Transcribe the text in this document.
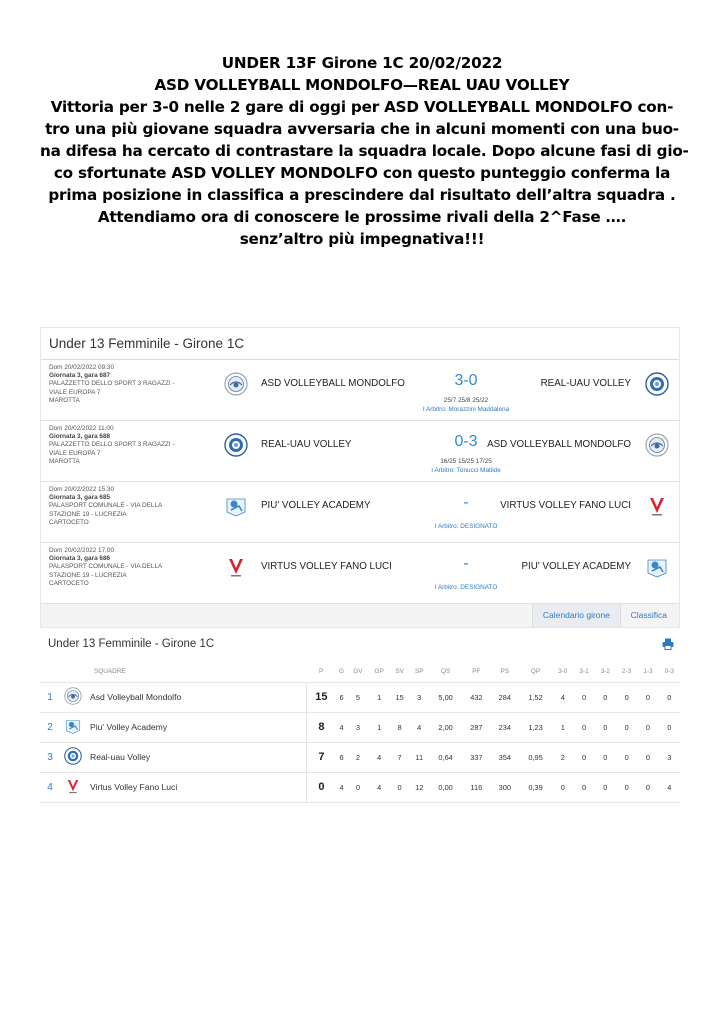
UNDER 13F Girone 1C 20/02/2022
ASD VOLLEYBALL MONDOLFO—REAL UAU VOLLEY
Vittoria per 3-0 nelle 2 gare di oggi per ASD VOLLEYBALL MONDOLFO con-
tro una più giovane squadra avversaria che in alcuni momenti con una buo-
na difesa ha cercato di contrastare la squadra locale. Dopo alcune fasi di gio-
co sfortunate ASD VOLLEY MONDOLFO con questo punteggio conferma la
prima posizione in classifica a prescindere dal risultato dell’altra squadra .
Attendiamo ora di conoscere le prossime rivali della 2^Fase ….
senz’altro più impegnativa!!!
Under 13 Femminile - Girone 1C
Dom 20/02/2022 09.30
Giornata 3, gara 687
PALAZZETTO DELLO SPORT 3 RAGAZZI -
VIALE EUROPA 7
MAROTTA
ASD VOLLEYBALL MONDOLFO	3-0
25/7 25/8 25/22
I Arbitro: Morazzini Maddalena
REAL-UAU VOLLEY
Dom 20/02/2022 11.00
Giornata 3, gara 688
PALAZZETTO DELLO SPORT 3 RAGAZZI -
VIALE EUROPA 7
MAROTTA
REAL-UAU VOLLEY	0-3
16/25 15/25 17/25
I Arbitro: Tonucci Matilde
ASD VOLLEYBALL MONDOLFO
Dom 20/02/2022 15.30
Giornata 3, gara 685
PALASPORT COMUNALE - VIA DELLA
STAZIONE 19 - LUCREZIA
CARTOCETO
PIU' VOLLEY ACADEMY	-
I Arbitro: DESIGNATO
VIRTUS VOLLEY FANO LUCI
Dom 20/02/2022 17.00
Giornata 3, gara 686
PALASPORT COMUNALE - VIA DELLA
STAZIONE 19 - LUCREZIA
CARTOCETO
VIRTUS VOLLEY FANO LUCI	-
I Arbitro: DESIGNATO
PIU' VOLLEY ACADEMY
Calendario girone	Classifica
Under 13 Femminile - Girone 1C
	SQUADRE		P	G	GV	GP	SV	SP	QS	PF	PS	QP	3-0	3-1	3-2	2-3	1-3	0-3
1		Asd Volleyball Mondolfo	15	6	5	1	15	3	5,00	432	284	1,52	4	0	0	0	0	0
2		Piu' Volley Academy	8	4	3	1	8	4	2,00	287	234	1,23	1	0	0	0	0	0
3		Real-uau Volley	7	6	2	4	7	11	0,64	337	354	0,95	2	0	0	0	0	3
4		Virtus Volley Fano Luci	0	4	0	4	0	12	0,00	116	300	0,39	0	0	0	0	0	4
